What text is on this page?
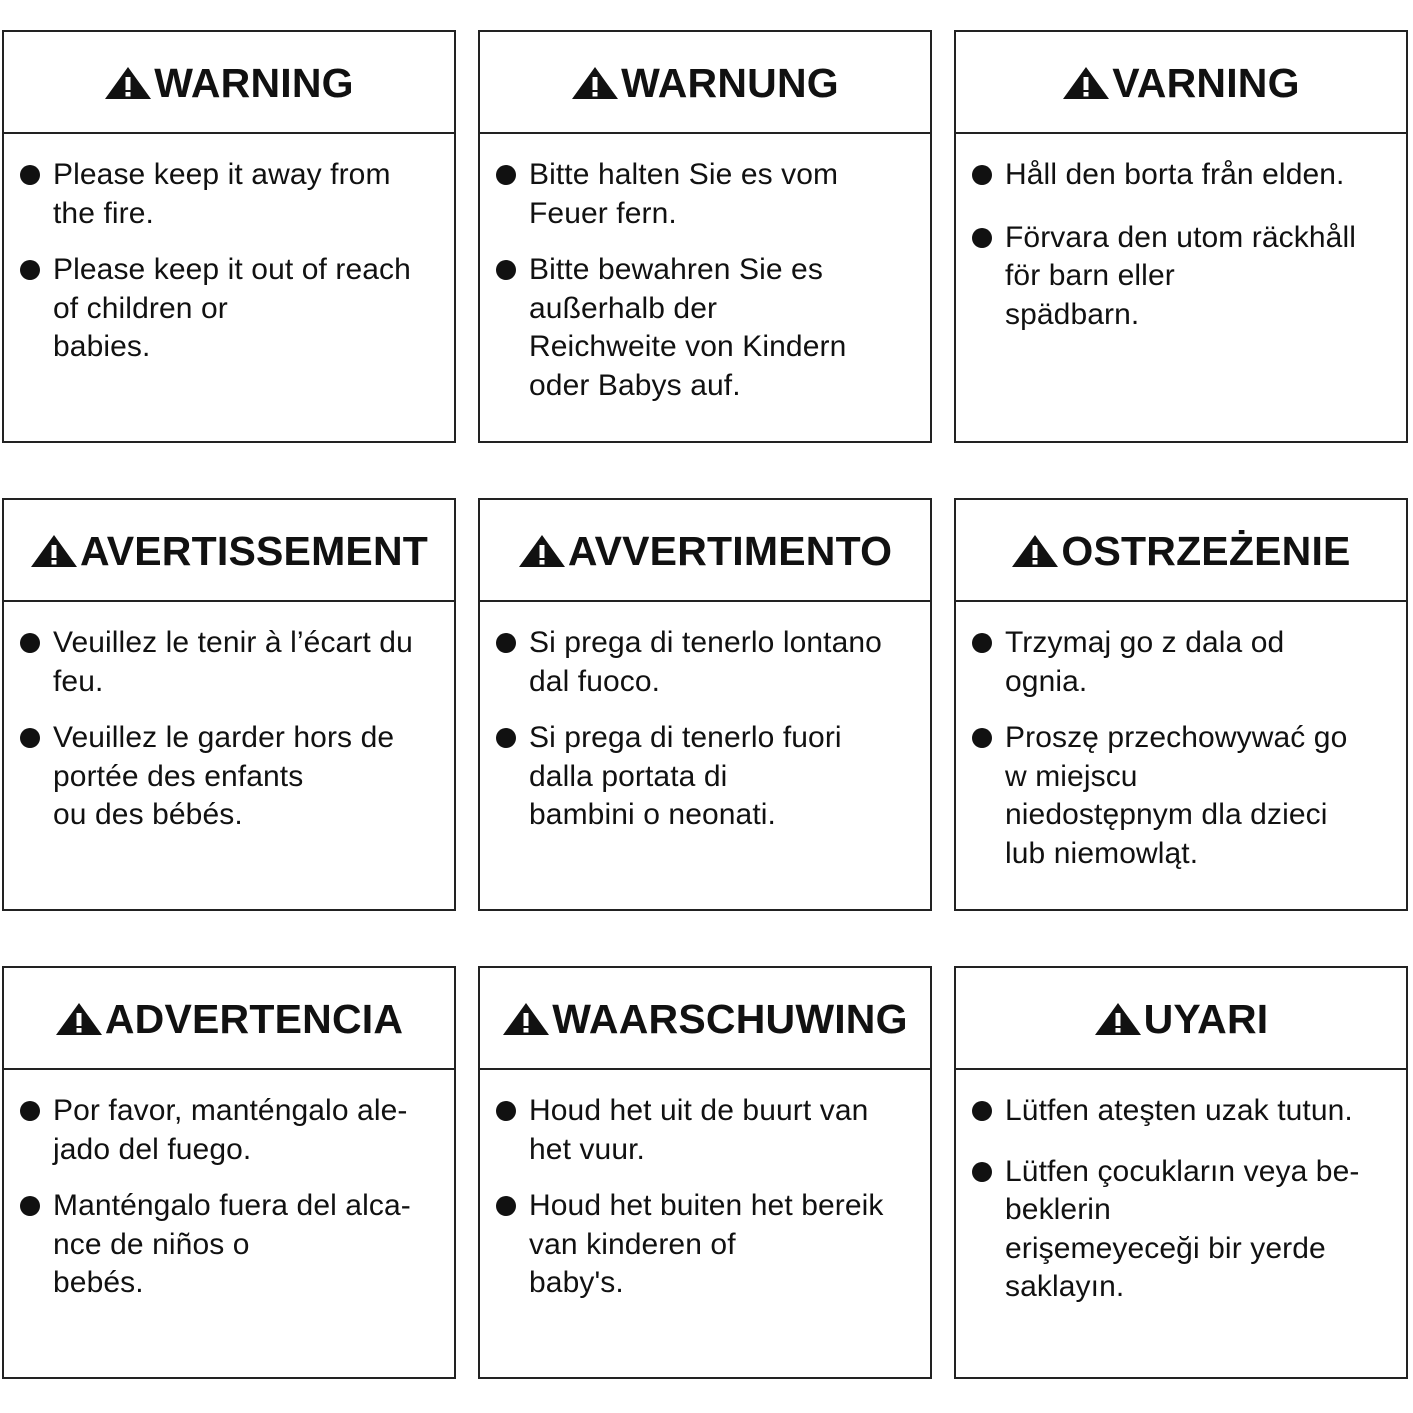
WARNING
Please keep it away from
the fire.
Please keep it out of reach
of children or
babies.
WARNUNG
Bitte halten Sie es vom
Feuer fern.
Bitte bewahren Sie es
außerhalb der
Reichweite von Kindern
oder Babys auf.
VARNING
Håll den borta från elden.
Förvara den utom räckhåll
för barn eller
spädbarn.
AVERTISSEMENT
Veuillez le tenir à l’écart du
feu.
Veuillez le garder hors de
portée des enfants
ou des bébés.
AVVERTIMENTO
Si prega di tenerlo lontano
dal fuoco.
Si prega di tenerlo fuori
dalla portata di
bambini o neonati.
OSTRZEŻENIE
Trzymaj go z dala od
ognia.
Proszę przechowywać go
w miejscu
niedostępnym dla dzieci
lub niemowląt.
ADVERTENCIA
Por favor, manténgalo ale-
jado del fuego.
Manténgalo fuera del alca-
nce de niños o
bebés.
WAARSCHUWING
Houd het uit de buurt van
het vuur.
Houd het buiten het bereik
van kinderen of
baby's.
UYARI
Lütfen ateşten uzak tutun.
Lütfen çocukların veya be-
beklerin
erişemeyeceği bir yerde
saklayın.
